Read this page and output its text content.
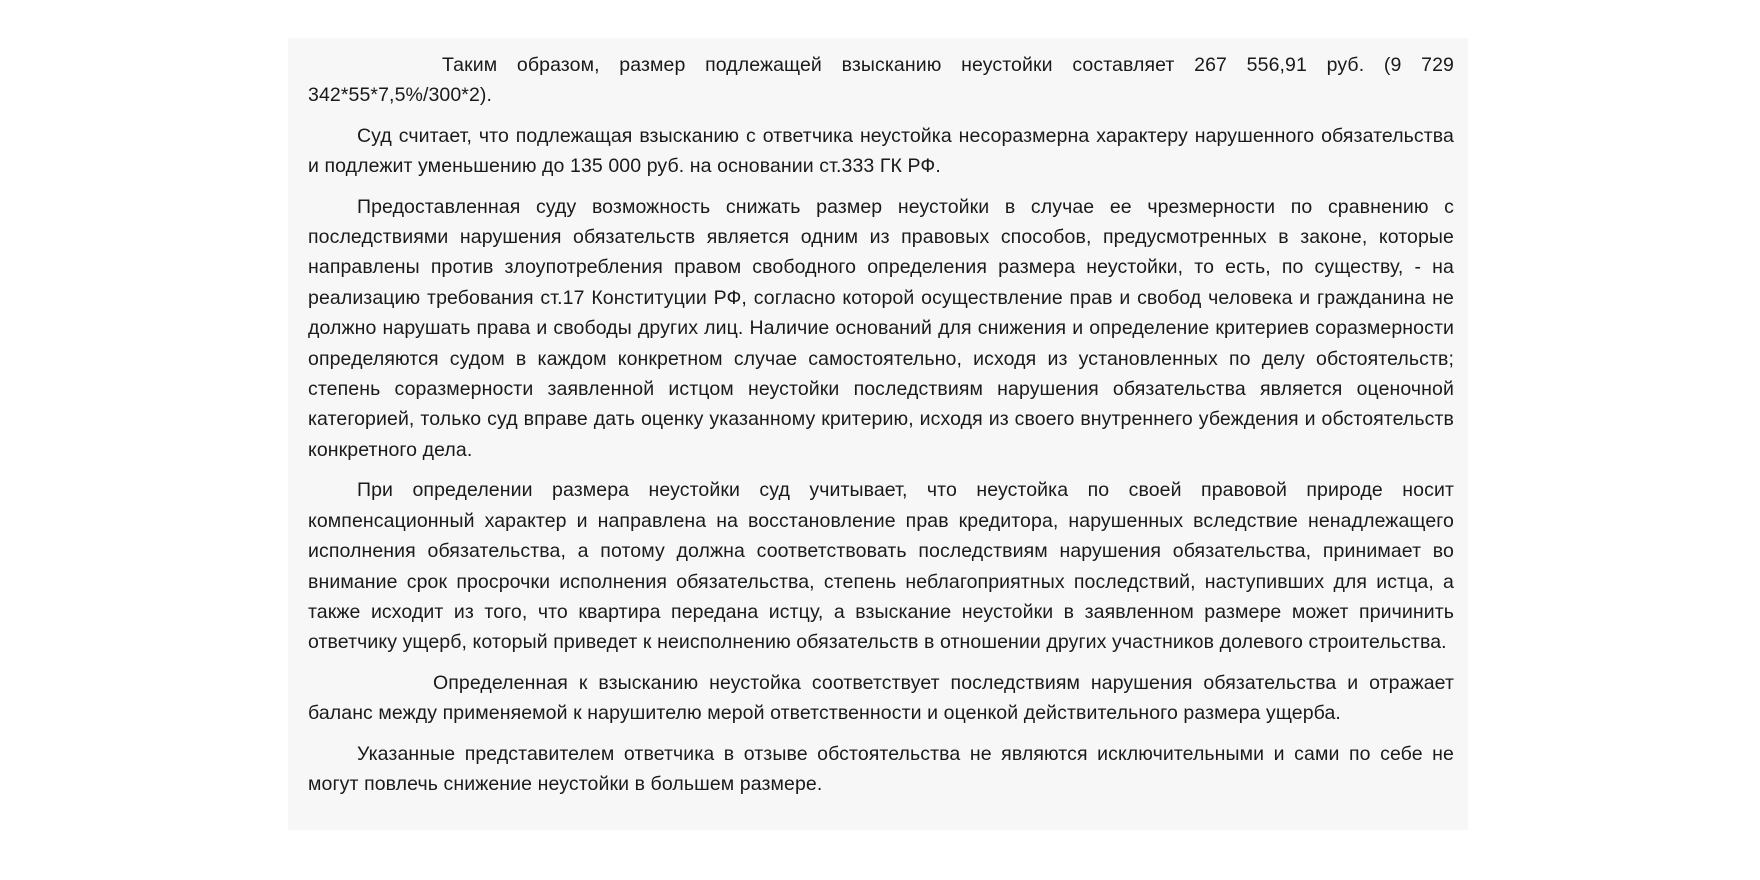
Таким образом, размер подлежащей взысканию неустойки составляет 267 556,91 руб. (9 729 342*55*7,5%/300*2).

Суд считает, что подлежащая взысканию с ответчика неустойка несоразмерна характеру нарушенного обязательства и подлежит уменьшению до 135 000 руб. на основании ст.333 ГК РФ.

Предоставленная суду возможность снижать размер неустойки в случае ее чрезмерности по сравнению с последствиями нарушения обязательств является одним из правовых способов, предусмотренных в законе, которые направлены против злоупотребления правом свободного определения размера неустойки, то есть, по существу, - на реализацию требования ст.17 Конституции РФ, согласно которой осуществление прав и свобод человека и гражданина не должно нарушать права и свободы других лиц. Наличие оснований для снижения и определение критериев соразмерности определяются судом в каждом конкретном случае самостоятельно, исходя из установленных по делу обстоятельств; степень соразмерности заявленной истцом неустойки последствиям нарушения обязательства является оценочной категорией, только суд вправе дать оценку указанному критерию, исходя из своего внутреннего убеждения и обстоятельств конкретного дела.

При определении размера неустойки суд учитывает, что неустойка по своей правовой природе носит компенсационный характер и направлена на восстановление прав кредитора, нарушенных вследствие ненадлежащего исполнения обязательства, а потому должна соответствовать последствиям нарушения обязательства, принимает во внимание срок просрочки исполнения обязательства, степень неблагоприятных последствий, наступивших для истца, а также исходит из того, что квартира передана истцу, а взыскание неустойки в заявленном размере может причинить ответчику ущерб, который приведет к неисполнению обязательств в отношении других участников долевого строительства.

Определенная к взысканию неустойка соответствует последствиям нарушения обязательства и отражает баланс между применяемой к нарушителю мерой ответственности и оценкой действительного размера ущерба.

Указанные представителем ответчика в отзыве обстоятельства не являются исключительными и сами по себе не могут повлечь снижение неустойки в большем размере.
